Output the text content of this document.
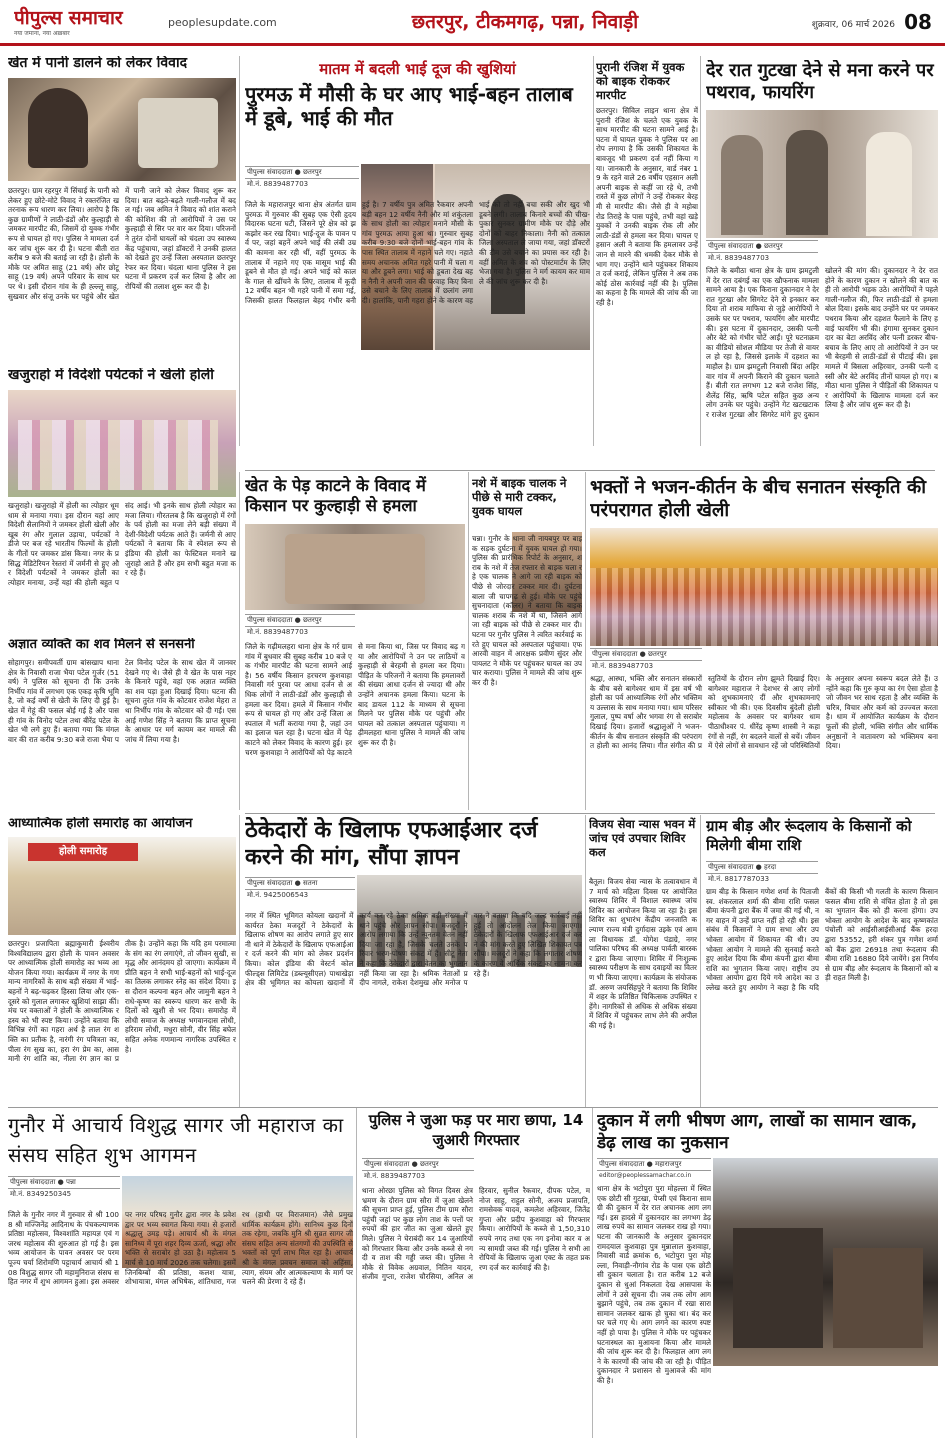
पीपुल्स समाचार
नया जमाना, नया अख़बार
peoplesupdate.com	छतरपुर, टीकमगढ़, पन्ना, निवाड़ी	शुक्रवार, 06 मार्च 2026 08
खेत में पानी डालने को लेकर विवाद
छतरपुर। ग्राम रहरपुर में सिंचाई के पानी को लेकर हुए छोटे-मोटे विवाद ने रक्तरंजित खतरनाक रूप धारण कर लिया। आरोप है कि कुछ ग्रामीणों ने लाठी-डंडों और कुल्हाड़ी से जमकर मारपीट की, जिसमें दो युवक गंभीर रूप से घायल हो गए। पुलिस ने मामला दर्ज कर जांच शुरू कर दी है। घटना बीती रात करीब 9 बजे की बताई जा रही है। होली के मौके पर अमित साहू (21 वर्ष) और छोटू साहू (19 वर्ष) अपने परिवार के साथ घर पर थे। इसी दौरान गांव के ही ह्ल्ल्लू साहू, सुखवार और संजू उनके घर पहुंचे और खेत में पानी जाने को लेकर विवाद शुरू कर दिया। बात बढ़ते-बढ़ते गाली-गलौज में बदल गई। जब अमित ने विवाद को शांत कराने की कोशिश की तो आरोपियों ने उस पर कुल्हाड़ी से सिर पर वार कर दिया। परिजनों ने तुरंत दोनों घायलों को चंदला उप स्वास्थ्य केंद्र पहुंचाया, जहां डॉक्टरों ने उनकी हालत को देखते हुए उन्हें जिला अस्पताल छतरपुर रेफर कर दिया। चंदला थाना पुलिस ने इस घटना में प्रकरण दर्ज कर लिया है और आरोपियों की तलाश शुरू कर दी है।
खजुराहो में विदेशी पर्यटकों ने खेली होली
खजुराहो। खजुराहो में होली का त्योहार धूमधाम से मनाया गया। इस दौरान यहां आए विदेशी सैलानियों ने जमकर होली खेली और खूब रंग और गुलाल उड़ाया, पर्यटकों ने डीजे पर बज रहे भारतीय फिल्मों के होली के गीतों पर जमकर डांस किया। नगर के प्रसिद्ध मेडिटेरियन रेस्तरां में जर्मनी से हुए और विदेशी पर्यटकों ने जमकर होली का त्योहार मनाया, उन्हें यहां की होली बहुत पसंद आई। भी इनके साथ होली त्योहार का मजा लिया। गौरतलब है कि खजुराहो में रंगों के पर्व होली का मजा लेने बड़ी संख्या में देशी-विदेशी पर्यटक आते हैं। जर्मनी से आए पर्यटकों ने बताया कि वे स्पेशल रूप से इंडिया की होली का फेस्टिवल मनाने खजुराहो आते हैं और हम सभी बहुत मजा कर रहे हैं।
अज्ञात व्यक्ति का शव मिलने से सनसनी
सोहागपुर। समीपवर्ती ग्राम बांसखाप थाना क्षेत्र के निवासी राजा भैया पटेल गुर्जर (51 वर्ष) ने पुलिस को सूचना दी कि उनके निर्भीप गांव में लगभग एक एकड़ कृषि भूमि है, जो कई वर्षों से खेती के लिए दी हुई है। खेत में गेहूं की फसल बोई गई है और पास ही गांव के विनोद पटेल तथा बीरेंद्र पटेल के खेत भी लगे हुए हैं। बताया गया कि मंगलवार की रात करीब 9:30 बजे राजा भैया पटेल विनोद पटेल के साथ खेत में जानवर देखने गए थे। जैसे ही वे खेत के पास नहर के किनारे पहुंचे, वहां एक अज्ञात व्यक्ति का शव पड़ा हुआ दिखाई दिया। घटना की सूचना तुरंत गांव के कोटवार राजेश मेहरा तथा निर्भीप गांव के कोटवार को दी गई। एसआई गणेश सिंह ने बताया कि प्राप्त सूचना के आधार पर मर्ग कायम कर मामले की जांच में लिया गया है।
मातम में बदली भाई दूज की खुशियां
पुरमऊ में मौसी के घर आए भाई-बहन तालाब में डूबे, भाई की मौत
पीपुल्स संवाददाता ● छतरपुर
मो.नं. 8839487703
जिले के महाराजपुर थाना क्षेत्र अंतर्गत ग्राम पुरमऊ में गुरुवार की सुबह एक ऐसी हृदयविदारक घटना घटी, जिसने पूरे क्षेत्र को झकझोर कर रख दिया। भाई-दूज के पावन पर्व पर, जहां बहनें अपने भाई की लंबी उम्र की कामना कर रही थीं, वहीं पुरमऊ के तालाब में नहाने गए एक मासूम भाई की डूबने से मौत हो गई। अपने भाई को काल के गाल से खींचने के लिए, तालाब में कूदी 12 वर्षीय बहन भी गहरे पानी में समा गई, जिसकी हालत फिलहाल बेहद गंभीर बनी हुई है। 7 वर्षीय पुत्र अमित रैकवार अपनी बड़ी बहन 12 वर्षीय नैनी और मां शकुंतला के साथ होली का त्योहार मनाने मौसी के गांव पुरमऊ आया हुआ था। गुरुवार सुबह करीब 9:30 बजे दोनों भाई-बहन गांव के पास स्थित तालाब में नहाने चले गए। नहाते समय अचानक अमित गहरे पानी में चला गया और डूबने लगा। भाई को डूबता देख बहन नैनी ने अपनी जान की परवाह किए बिना उसे बचाने के लिए तालाब में छलांग लगा दी। हालांकि, पानी गहरा होने के कारण वह भाई को तो नहीं बचा सकी और खुद भी डूबने लगी। तालाब किनारे बच्चों की चीख-पुकार सुनकर ग्रामीण मौके पर दौड़े और दोनों को बाहर निकाला। नैनी को तत्काल जिला अस्पताल ले जाया गया, जहां डॉक्टरों की टीम उसे बचाने का प्रयास कर रही है। वहीं अमित के शव को पोस्टमार्टम के लिए भेजा गया है। पुलिस ने मर्ग कायम कर मामले की जांच शुरू कर दी है।
पुरानी रंजिश में युवक को बाइक रोककर मारपीट
छतरपुर। सिविल लाइन थाना क्षेत्र में पुरानी रंजिश के चलते एक युवक के साथ मारपीट की घटना सामने आई है। घटना में घायल युवक ने पुलिस पर आरोप लगाया है कि उसकी शिकायत के बावजूद भी प्रकरण दर्ज नहीं किया गया। जानकारी के अनुसार, वार्ड नंबर 19 के रहने वाले 26 वर्षीय एहसान अली अपनी बाइक से कहीं जा रहे थे, तभी रास्ते में कुछ लोगों ने उन्हें रोककर बेरहमी से मारपीट की। जैसे ही वे महोबा रोड तिराहे के पास पहुंचे, तभी वहां खड़े युवकों ने उनकी बाइक रोक ली और लाठी-डंडों से हमला कर दिया। घायल एहसान अली ने बताया कि हमलावर उन्हें जान से मारने की धमकी देकर मौके से भाग गए। उन्होंने थाने पहुंचकर शिकायत दर्ज कराई, लेकिन पुलिस ने अब तक कोई ठोस कार्रवाई नहीं की है। पुलिस का कहना है कि मामले की जांच की जा रही है।
देर रात गुटखा देने से मना करने पर पथराव, फायरिंग
पीपुल्स संवाददाता ● छतरपुर
मो.नं. 8839487703
जिले के बमीठा थाना क्षेत्र के ग्राम झमटुली में देर रात दबंगई का एक खौफनाक मामला सामने आया है। एक किराना दुकानदार ने देर रात गुटखा और सिगरेट देने से इनकार कर दिया तो शराब माफिया से जुड़े आरोपियों ने उसके घर पर पथराव, फायरिंग और मारपीट की। इस घटना में दुकानदार, उसकी पत्नी और बेटे को गंभीर चोटें आईं। पूरे घटनाक्रम का वीडियो सोशल मीडिया पर तेजी से वायरल हो रहा है, जिससे इलाके में दहशत का माहौल है। ग्राम झमटुली निवासी बिंदा अहिरवार गांव में अपनी किराने की दुकान चलाते हैं। बीती रात लगभग 12 बजे राजेश सिंह, शैलेंद्र सिंह, ऋषि पटेल सहित कुछ अन्य लोग उनके घर पहुंचे। उन्होंने गेट खटखटाकर राजेश गुटखा और सिगरेट मांगे हुए दुकान खोलने की मांग की। दुकानदार ने देर रात होने के कारण दुकान न खोलने की बात कही तो आरोपी भड़क उठे। आरोपियों ने पहले गाली-गलौज की, फिर लाठी-डंडों से हमला बोल दिया। इसके बाद उन्होंने घर पर जमकर पथराव किया और दहशत फैलाने के लिए हवाई फायरिंग भी की। हंगामा सुनकर दुकानदार का बेटा अरविंद और पत्नी डरकर बीच-बचाव के लिए आए तो आरोपियों ने उन पर भी बेरहमी से लाठी-डंडों से पीटाई की। इस मामले में बिसला अहिरवार, उनकी पत्नी दस्सी और बेटे अरविंद तीनों घायल हो गए। बमीठा थाना पुलिस ने पीड़ितों की शिकायत पर आरोपियों के खिलाफ मामला दर्ज कर लिया है और जांच शुरू कर दी है।
खेत के पेड़ काटने के विवाद में किसान पर कुल्हाड़ी से हमला
पीपुल्स संवाददाता ● छतरपुर
मो.नं. 8839487703
जिले के गढ़ीमलहरा थाना क्षेत्र के गर्र ग्राम गांव में बुधवार की सुबह करीब 10 बजे एक गंभीर मारपीट की घटना सामने आई है। 56 वर्षीय किसान हरचरण कुशवाहा निवासी गर्र पुरवा पर आधा दर्जन से अधिक लोगों ने लाठी-डंडों और कुल्हाड़ी से हमला कर दिया। हमले में किसान गंभीर रूप से घायल हो गए और उन्हें जिला अस्पताल में भर्ती कराया गया है, जहां उनका इलाज चल रहा है। घटना खेत में पेड़ काटने को लेकर विवाद के कारण हुई। हरचरण कुशवाहा ने आरोपियों को पेड़ काटने से मना किया था, जिस पर विवाद बढ़ गया और आरोपियों ने उन पर लाठियों व कुल्हाड़ी से बेरहमी से हमला कर दिया। पीड़ित के परिजनों ने बताया कि हमलावरों की संख्या आधा दर्जन से ज्यादा थी और उन्होंने अचानक हमला किया। घटना के बाद डायल 112 के माध्यम से सूचना मिलने पर पुलिस मौके पर पहुंची और घायल को तत्काल अस्पताल पहुंचाया। गढ़ीमलहरा थाना पुलिस ने मामले की जांच शुरू कर दी है।
नशे में बाइक चालक ने पीछे से मारी टक्कर, युवक घायल
चन्ना। गुनौर के थाना जी नायबपुर पर बाइक सड़क दुर्घटना में युवक घायल हो गया। पुलिस की प्रारंभिक रिपोर्ट के अनुसार, शराब के नशे में तेज रफ्तार से बाइक चला रहे एक चालक ने आगे जा रही बाइक को पीछे से जोरदार टक्कर मार दी। दुर्घटना बाला जी चापगढ़ से हुई। मौके पर पहुंचे सुचनादाता (कॉलर) ने बताया कि बाइक चालक शराब के नशे में था, जिसने आगे जा रही बाइक को पीछे से टक्कर मार दी। घटना पर गुनौर पुलिस ने त्वरित कार्रवाई करते हुए घायल को अस्पताल पहुंचाया। एफआरवी वाहन में आरक्षक प्रवीण सुंदर और पायलट ने मौके पर पहुंचकर घायल का उपचार कराया। पुलिस ने मामले की जांच शुरू कर दी है।
भक्तों ने भजन-कीर्तन के बीच सनातन संस्कृति की परंपरागत होली खेली
पीपुल्स संवाददाता ● छतरपुर
मो.नं. 8839487703
श्रद्धा, आस्था, भक्ति और सनातन संस्कारों के बीच बसे बागेश्वर धाम में इस वर्ष भी होली का पर्व आध्यात्मिक रंगों और भक्तिमय उल्लास के साथ मनाया गया। धाम परिसर गुलाल, पुष्प वर्षा और भगवा रंग से सराबोर दिखाई दिया। हजारों श्रद्धालुओं ने भजन-कीर्तन के बीच सनातन संस्कृति की परंपरागत होली का आनंद लिया। गीत संगीत की प्रस्तुतियों के दौरान लोग झूमते दिखाई दिए। बागेश्वर महाराज ने देशभर से आए लोगों को शुभकामनाएं दीं और शुभकामनाएं स्वीकार भी की। एक दिवसीय बुंदेली होली महोत्सव के अवसर पर बागेश्वर धाम पीठाधीश्वर पं. धीरेंद्र कृष्ण शास्त्री ने कहा रंगों से नहीं, रंग बदलने वालों से बचें। जीवन में ऐसे लोगों से सावधान रहें जो परिस्थितियों के अनुसार अपना स्वरूप बदल लेते हैं। उन्होंने कहा कि गुरु कृपा का रंग ऐसा होता है जो जीवन भर साथ रहता है और व्यक्ति के चरित्र, विचार और कर्म को उज्ज्वल करता है। धाम में आयोजित कार्यक्रम के दौरान फूलों की होली, भक्ति संगीत और धार्मिक अनुष्ठानों ने वातावरण को भक्तिमय बना दिया।
आध्यात्मिक होली समारोह का आयोजन
होली समारोह
छतरपुर। प्रजापिता ब्रह्माकुमारी ईश्वरीय विश्वविद्यालय द्वारा होली के पावन अवसर पर आध्यात्मिक होली समारोह का भव्य आयोजन किया गया। कार्यक्रम में नगर के गणमान्य नागरिकों के साथ बड़ी संख्या में भाई-बहनों ने बढ़-चढ़कर हिस्सा लिया और एक-दूसरे को गुलाल लगाकर खुशियां साझा कीं। मंच पर वक्ताओं ने होली के आध्यात्मिक रहस्य को भी स्पष्ट किया। उन्होंने बताया कि विभिन्न रंगों का गहरा अर्थ है लाल रंग शक्ति का प्रतीक है, नारंगी रंग पवित्रता का, पीला रंग सुख का, हरा रंग प्रेम का, आसमानी रंग शांति का, नीला रंग ज्ञान का प्रतीक है। उन्होंने कहा कि यदि हम परमात्मा के संग का रंग लगाएंगे, तो जीवन सुखी, समृद्ध और आनंदमय हो जाएगा। कार्यक्रम में प्रीति बहन ने सभी भाई-बहनों को भाई-दूज का तिलक लगाकर स्नेह का संदेश दिया। इस दौरान कल्पना बहन और जामुनी बहन ने राधे-कृष्ण का स्वरूप धारण कर सभी के दिलों को खुशी से भर दिया। समारोह में लोधी समाज के अध्यक्ष भगवानदास लोधी, हरिराम लोधी, मधुरा सोनी, वीर सिंह बघेल सहित अनेक गणमान्य नागरिक उपस्थित रहे।
ठेकेदारों के खिलाफ एफआईआर दर्ज करने की मांग, सौंपा ज्ञापन
पीपुल्स संवाददाता ● सतना
मो.नं. 9425006543
नगर में स्थित भूमिगत कोयला खदानों में कार्यरत ठेका मजदूरों ने ठेकेदारों के खिलाफ शोषण का आरोप लगाते हुए सारनी थाने में ठेकेदारों के खिलाफ एफआईआर दर्ज करने की मांग को लेकर प्रदर्शन किया। कोल इंडिया की वेस्टर्न कोलफील्ड्स लिमिटेड (डब्ल्यूसीएल) पाथाखेड़ा क्षेत्र की भूमिगत का कोयला खदानों में कार्य कर रहे ठेका श्रमिक बड़ी संख्या में थाने पहुंचे और ज्ञापन सौंपा। मजदूरों ने आरोप लगाया कि उन्हें न्यूनतम वेतन नहीं दिया जा रहा है, जिसके चलते उनके परिवार भरण-पोषण संकट में है। सीटू नेता ने कहा कि ठेकेदारों द्वारा वेतन का भुगतान नहीं किया जा रहा है। श्रमिक नेताओं प्रदीप नागले, राकेश देशमुख और मनोज पवार ने बताया कि यदि जल्द कार्रवाई नहीं हुई तो आंदोलन तेज किया जाएगा। ठेकेदारों के खिलाफ एफआईआर दर्ज करने की मांग करते हुए लिखित शिकायत पत्र सौंपा। मजदूरों ने कहा कि लगातार शोषण के कारण वे आर्थिक संकट का सामना कर रहे हैं।
विजय सेवा न्यास भवन में जांच एवं उपचार शिविर कल
बैतूल। विजय सेवा न्यास के तत्वावधान में 7 मार्च को महिला दिवस पर आयोजित स्वास्थ्य शिविर में विशाल स्वास्थ्य जांच शिविर का आयोजन किया जा रहा है। इस शिविर का शुभारंभ केंद्रीय जनजाति कल्याण राज्य मंत्री दुर्गादास उइके एवं आमला विधायक डॉ. योगेश पंडाग्रे, नगर पालिका परिषद की अध्यक्ष पार्वती बारस्कर द्वारा किया जाएगा। शिविर में निःशुल्क स्वास्थ्य परीक्षण के साथ दवाइयों का वितरण भी किया जाएगा। कार्यक्रम के संयोजक डॉ. अरुण जयसिंहपुरे ने बताया कि शिविर में शहर के प्रतिष्ठित चिकित्सक उपस्थित रहेंगे। नागरिकों से अधिक से अधिक संख्या में शिविर में पहुंचकर लाभ लेने की अपील की गई है।
ग्राम बीड़ और रूंदलाय के किसानों को मिलेगी बीमा राशि
पीपुल्स संवाददाता ● हरदा
मो.नं. 8817787033
ग्राम बीड़ के किसान गणेश शर्मा के पिताजी स्व. शंकरलाल शर्मा की बीमा राशि फसल बीमा कंपनी द्वारा बैंक में जमा की गई थी, नगर वाहन में उन्हें प्राप्त नहीं हो रही थी। इस संबंध में किसानों ने ग्राम सभा और उपभोक्ता आयोग में शिकायत की थी। उपभोक्ता आयोग ने मामले की सुनवाई करते हुए आदेश दिया कि बीमा कंपनी द्वारा बीमा राशि का भुगतान किया जाए। राष्ट्रीय उपभोक्ता आयोग द्वारा दिये गये आदेश का उल्लेख करते हुए आयोग ने कहा है कि यदि बैंकों की किसी भी गलती के कारण किसान फसल बीमा राशि से वंचित होता है तो इसका भुगतान बैंक को ही करना होगा। उपभोक्ता आयोग के आदेश के बाद कृष्णकांत पंचोली को आईसीआईसीआई बैंक हरदा द्वारा 53552, हरी शंकर पुत्र गणेश शर्मा को बैंक द्वारा 26918 तथा रूंदलाय की बीमा राशि 16880 दिये जायेंगे। इस निर्णय से ग्राम बीड़ और रूंदलाय के किसानों को बड़ी राहत मिली है।
गुनौर में आचार्य विशुद्ध सागर जी महाराज का संसघ सहित शुभ आगमन
पीपुल्स संवाददाता ● पन्ना
मो.नं. 8349250345
जिले के गुनौर नगर में गुरुवार से श्री 1008 श्री मज्जिनेंद्र आदिनाथ के पंचकल्याणक प्रतिष्ठा महोत्सव, विश्वशांति महायज्ञ एवं गजरथ महोत्सव की शुरुआत हो गई है। इस भव्य आयोजन के पावन अवसर पर परम पूज्य चर्या शिरोमणि पट्टाचार्य आचार्य श्री 108 विशुद्ध सागर जी महामुनिराज संसघ सहित नगर में शुभ आगमन हुआ। इस अवसर पर नगर परिषद गुनौर द्वारा नगर के प्रवेश द्वार पर भव्य स्वागत किया गया। से हजारों श्रद्धालु उमड़ पड़े। आचार्य श्री के मंगल सानिध्य में पूरा शहर दिव्य ऊर्जा, श्रद्धा और भक्ति से सराबोर हो उठा है। महोत्सव 5 मार्च से 10 मार्च 2026 तक चलेगा। इसमें जिनबिम्बों की प्रतिष्ठा, कलश यात्रा, शोभायात्रा, मंगल अभिषेक, शांतिधारा, गजरथ (हाथी पर विराजमान) जैसे प्रमुख धार्मिक कार्यक्रम होंगे। सानिध्य कुछ दिनों तक रहेगा, जबकि मुनि श्री सुव्रत सागर जी संसघ सहित अन्य संतगणों की उपस्थिति से भक्तों को पूर्ण लाभ मिल रहा है। आचार्य श्री के मंगल प्रवचन समाज को अहिंसा, त्याग, संयम और आत्मकल्याण के मार्ग पर चलने की प्रेरणा दे रहे हैं।
पुलिस ने जुआ फड़ पर मारा छापा, 14 जुआरी गिरफ्तार
पीपुल्स संवाददाता ● छतरपुर
मो.नं. 8839487703
थाना ओरछा पुलिस को विगत दिवस क्षेत्र भ्रमण के दौरान ग्राम सौरा में जुआ खेलने की सूचना प्राप्त हुई, पुलिस टीम ग्राम सौरा पहुंची जहां पर कुछ लोग ताश के पत्तों पर रुपयों की हार जीत का जुआ खेलते हुए मिले। पुलिस ने घेराबंदी कर 14 जुआरियों को गिरफ्तार किया और उनके कब्जे से नगदी व ताश की गड्डी जब्त की। पुलिस ने मौके से विवेक अग्रवाल, नितिन यादव, संजीव गुप्ता, राजेश चौरसिया, अनिल अहिरवार, सुनील रैकवार, दीपक पटेल, मनोज साहू, राहुल सोनी, अजय प्रजापति, रामसेवक यादव, कमलेश अहिरवार, जितेंद्र गुप्ता और प्रदीप कुशवाहा को गिरफ्तार किया। आरोपियों के कब्जे से 1,50,310 रुपये नगद तथा एक नग इनोवा कार व अन्य सामग्री जब्त की गई। पुलिस ने सभी आरोपियों के खिलाफ जुआ एक्ट के तहत प्रकरण दर्ज कर कार्रवाई की है।
दुकान में लगी भीषण आग, लाखों का सामान खाक, डेढ़ लाख का नुकसान
पीपुल्स संवाददाता ● महाराजपुर
editor@peoplessamachar.co.in
थाना क्षेत्र के भटोपुरा पुरा मोहल्ला में स्थित एक छोटी सी गुटखा, पेप्सी एवं किराना सामग्री की दुकान में देर रात अचानक आग लग गई। इस हादसे में दुकानदार का लगभग डेढ़ लाख रुपये का सामान जलकर राख हो गया। घटना की जानकारी के अनुसार दुकानदार रामदयाल कुशवाहा पुत्र मुन्नालाल कुशवाहा, निवासी वार्ड क्रमांक 6, भटोपुरा पुरा मोहल्ला, निवाड़ी-नौगांव रोड के पास एक छोटी सी दुकान चलाता है। रात करीब 12 बजे दुकान से धुआं निकलता देख आसपास के लोगों ने उसे सूचना दी। जब तक लोग आग बुझाने पहुंचे, तब तक दुकान में रखा सारा सामान जलकर खाक हो चुका था। बंद कर घर चले गए थे। आग लगने का कारण स्पष्ट नहीं हो पाया है। पुलिस ने मौके पर पहुंचकर घटनास्थल का मुआयना किया और मामले की जांच शुरू कर दी है। फिलहाल आग लगने के कारणों की जांच की जा रही है। पीड़ित दुकानदार ने प्रशासन से मुआवजे की मांग की है।
